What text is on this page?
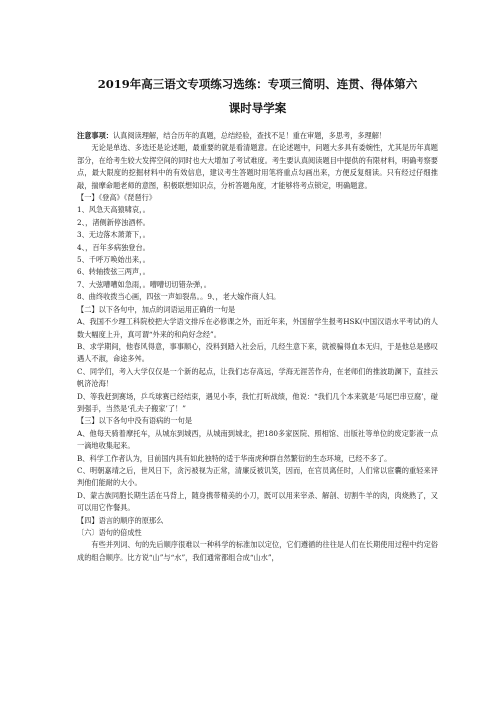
2019年高三语文专项练习选练：专项三简明、连贯、得体第六

课时导学案

注意事项：认真阅读理解，结合历年的真题，总结经验，查找不足！重在审题，多思考，多理解！

无论是单选、多选还是论述题，最重要的就是看清题意。在论述题中，问题大多具有委婉性，尤其是历年真题部分，在给考生较大发挥空间的同时也大大增加了考试难度。考生要认真阅读题目中提供的有限材料，明确考察要点，最大限度的挖掘材料中的有效信息，建议考生答题时用笔将重点勾画出来，方便反复细读。只有经过仔细推敲，揣摩命题老师的意图，积极联想知识点，分析答题角度，才能够将考点锁定，明确题意。

【一】《登高》《琵琶行》

1、风急天高猿啸哀，。

2、，渚侧新停浊酒杯。

3、无边落木萧萧下，。

4、，百年多病独登台。

5、千呼万唤始出来，。

6、转轴拨弦三两声，。

7、大弦嘈嘈如急雨，。嘈嘈切切错杂弹，。

8、曲终收拨当心画，四弦一声如裂帛。。9、，老大嫁作商人妇。

【二】以下各句中，加点的词语运用正确的一句是

A、我国不少理工科院校把大学语文排斥在必修课之外，而近年来，外国留学生报考HSK(中国汉语水平考试)的人数大幅度上升，真可谓“外来的和尚好念经”。

B、求学期间，他春风得意，事事顺心，没料到踏入社会后，几经生意下来，就被骗得血本无归，于是他总是感叹遇人不淑，命途多舛。

C、同学们，考入大学仅仅是一个新的起点，让我们志存高远，学海无涯苦作舟，在老师们的推波助澜下，直挂云帆济沧海！

D、等我赶到赛场，乒乓球赛已经结束，遇见小李，我忙打听战绩，他说：“我们几个本来就是‘马尾巴串豆腐’，碰到强手，当然是‘孔夫子搬家’了！”

【三】以下各句中没有语病的一句是

A、他每天骑着摩托车，从城东到城西，从城南到城北，把180多家医院、照相馆、出版社等单位的废定影液一点一滴地收集起来。

B、科学工作者认为，目前国内具有如此独特的适于华南虎种群自然繁衍的生态环境，已经不多了。

C、明朝嘉靖之后，世风日下，贪污被视为正常，清廉反被讥笑，因而，在官员离任时，人们常以宦囊的重轻来评判他们能耐的大小。

D、蒙古族同胞长期生活在马背上，随身携带精美的小刀，既可以用来宰杀、解剖、切割牛羊的肉，肉烧熟了，又可以用它作餐具。

【四】语言的顺序的原那么

〔六〕语句的倍成性

有些并列词、句的先后顺序很难以一种科学的标准加以定位，它们遵循的往往是人们在长期使用过程中约定俗成的组合顺序。比方说“山”与“水”，我们通常都组合成“山水”，
